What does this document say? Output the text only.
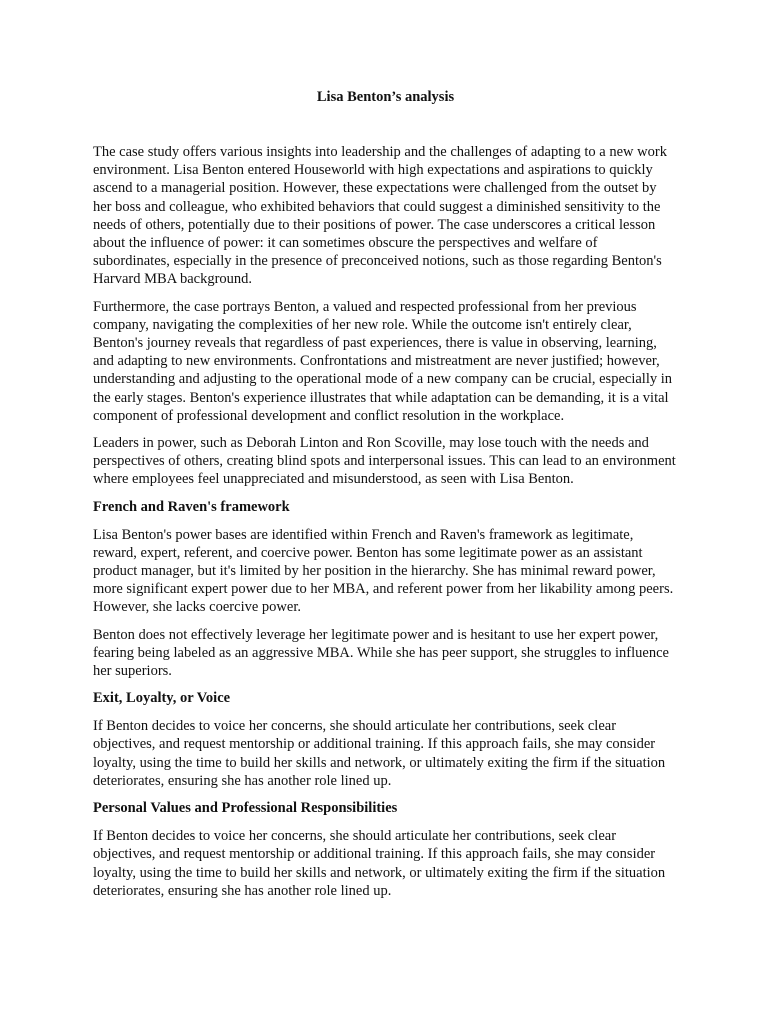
Lisa Benton’s analysis

The case study offers various insights into leadership and the challenges of adapting to a new work environment. Lisa Benton entered Houseworld with high expectations and aspirations to quickly ascend to a managerial position. However, these expectations were challenged from the outset by her boss and colleague, who exhibited behaviors that could suggest a diminished sensitivity to the needs of others, potentially due to their positions of power. The case underscores a critical lesson about the influence of power: it can sometimes obscure the perspectives and welfare of subordinates, especially in the presence of preconceived notions, such as those regarding Benton's Harvard MBA background.

Furthermore, the case portrays Benton, a valued and respected professional from her previous company, navigating the complexities of her new role. While the outcome isn't entirely clear, Benton's journey reveals that regardless of past experiences, there is value in observing, learning, and adapting to new environments. Confrontations and mistreatment are never justified; however, understanding and adjusting to the operational mode of a new company can be crucial, especially in the early stages. Benton's experience illustrates that while adaptation can be demanding, it is a vital component of professional development and conflict resolution in the workplace.

Leaders in power, such as Deborah Linton and Ron Scoville, may lose touch with the needs and perspectives of others, creating blind spots and interpersonal issues. This can lead to an environment where employees feel unappreciated and misunderstood, as seen with Lisa Benton.

French and Raven's framework

Lisa Benton's power bases are identified within French and Raven's framework as legitimate, reward, expert, referent, and coercive power. Benton has some legitimate power as an assistant product manager, but it's limited by her position in the hierarchy. She has minimal reward power, more significant expert power due to her MBA, and referent power from her likability among peers. However, she lacks coercive power.

Benton does not effectively leverage her legitimate power and is hesitant to use her expert power, fearing being labeled as an aggressive MBA. While she has peer support, she struggles to influence her superiors.

Exit, Loyalty, or Voice

If Benton decides to voice her concerns, she should articulate her contributions, seek clear objectives, and request mentorship or additional training. If this approach fails, she may consider loyalty, using the time to build her skills and network, or ultimately exiting the firm if the situation deteriorates, ensuring she has another role lined up.

Personal Values and Professional Responsibilities

If Benton decides to voice her concerns, she should articulate her contributions, seek clear objectives, and request mentorship or additional training. If this approach fails, she may consider loyalty, using the time to build her skills and network, or ultimately exiting the firm if the situation deteriorates, ensuring she has another role lined up.
